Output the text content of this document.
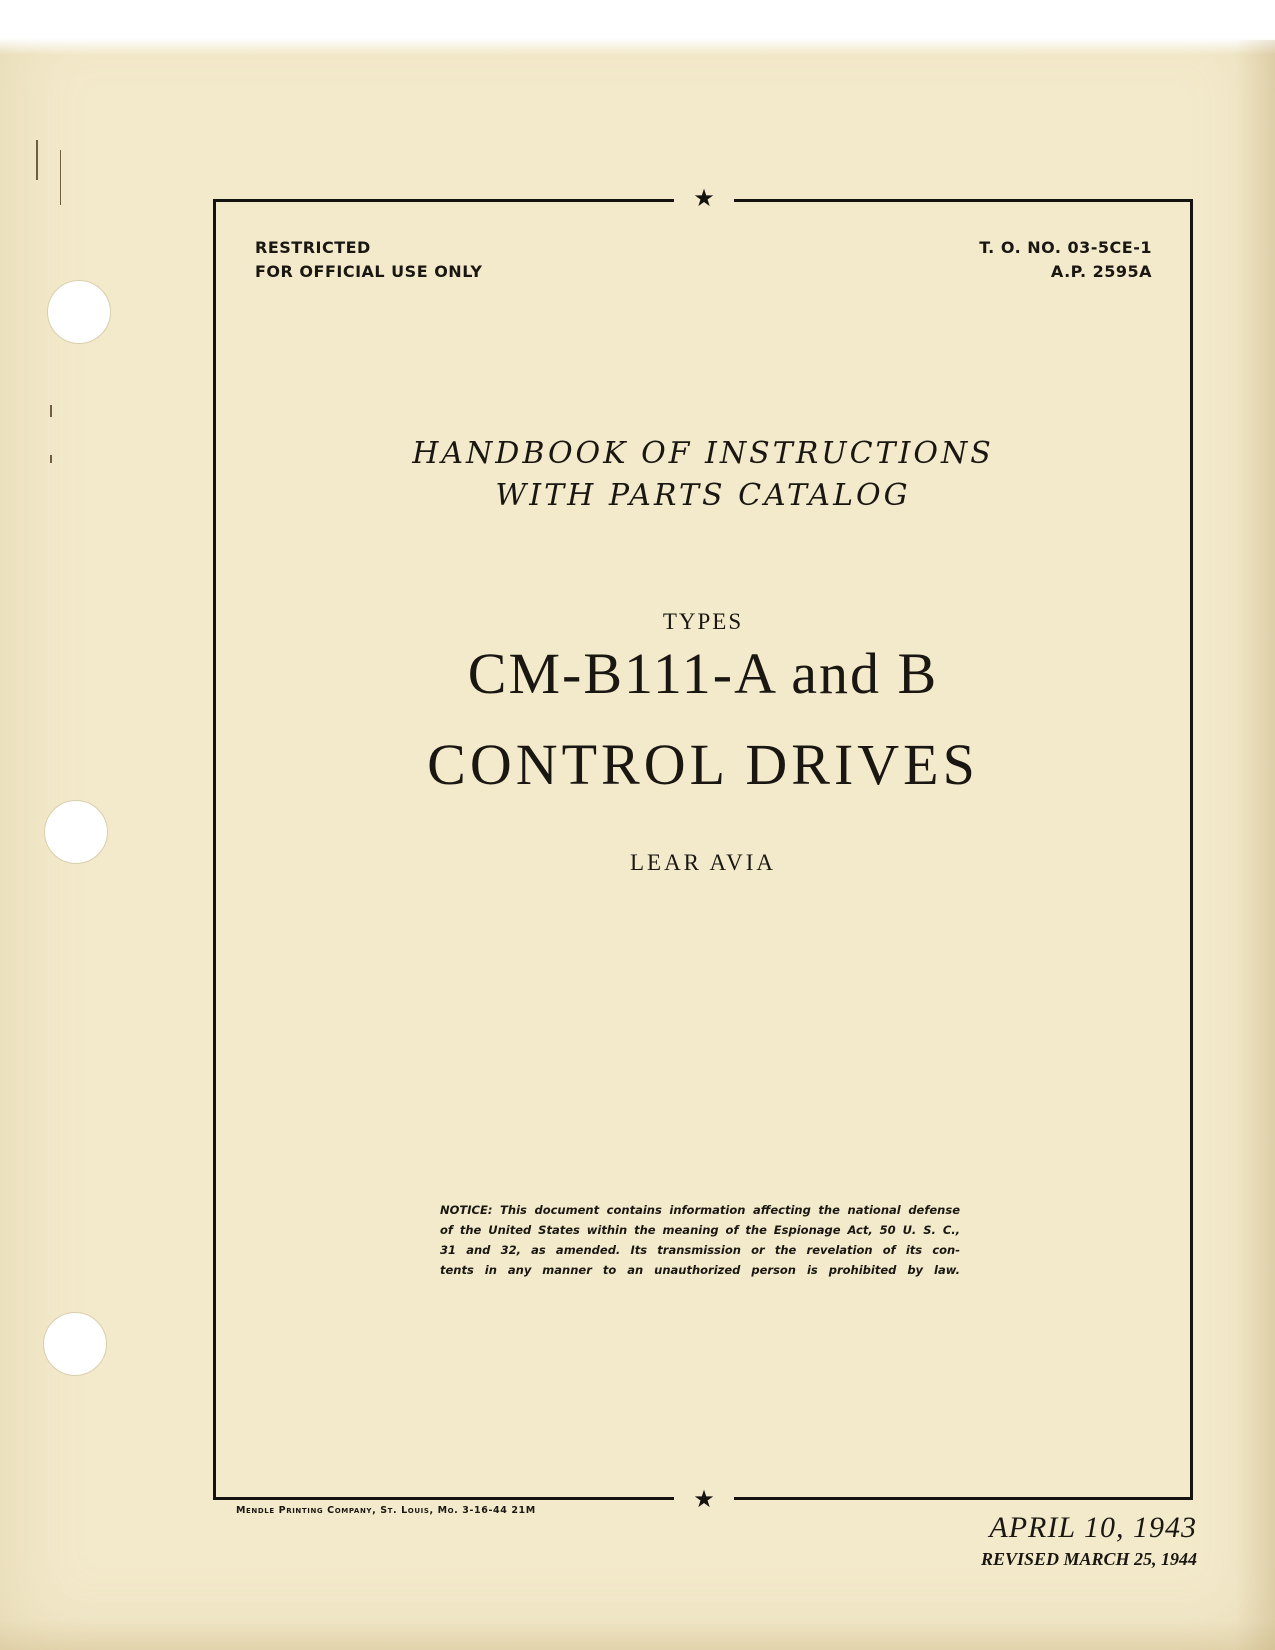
★
★
RESTRICTED
FOR OFFICIAL USE ONLY
T. O. NO. 03-5CE-1
A.P. 2595A
HANDBOOK OF INSTRUCTIONS
WITH PARTS CATALOG
TYPES
CM-B111-A and B
CONTROL DRIVES
LEAR AVIA
NOTICE: This document contains information affecting the national defense
of the United States within the meaning of the Espionage Act, 50 U. S. C.,
31 and 32, as amended. Its transmission or the revelation of its con-
tents in any manner to an unauthorized person is prohibited by law.
Mendle Printing Company, St. Louis, Mo. 3-16-44 21M
APRIL 10, 1943
REVISED MARCH 25, 1944
